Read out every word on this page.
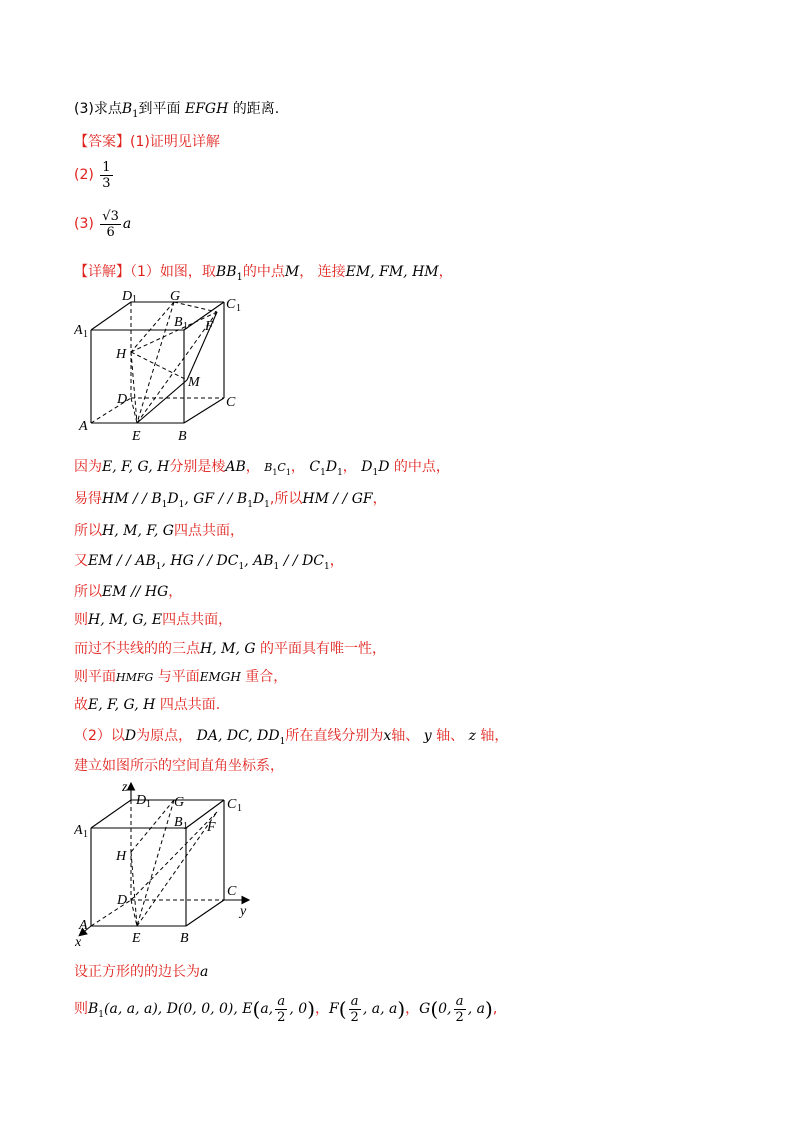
(3)求点$B_1$到平面 EFGH 的距离.
【答案】(1)证明见详解
$(2) \frac{1}{3}$
$(3) \frac{√3}{6}$ a
【详解】（1）如图，取$BB_1$的中点M， 连接EM, FM, HM，
D 1 G
C 1
A 1
B 1 F
H
M
D	C
A
E	B
因为E, F, G, H分别是棱AB， $B_1C_1$， $C_1D_1$， $D_1D$ 的中点，
易得HM / / $B_1D_1$, GF / / $B_1D_1$,所以HM / / GF，
所以H, M, F, G四点共面，
又EM / / $AB_1$, HG / / $DC_1$, $AB_1$ / / $DC_1$，
所以EM // HG，
则H, M, G, E四点共面，
而过不共线的的三点H, M, G 的平面具有唯一性，
则平面HMFG 与平面EMGH 重合，
故E, F, G, H 四点共面.
（2）以D为原点， DA, DC, $DD_1$所在直线分别为x轴、 y 轴、 z 轴，
建立如图所示的空间直角坐标系，
z
D 1 G	C 1
A 1
B 1 F
H
D
C
y
A
x	E	B
设正方形的的边长为a
则$B_1(a$, a, a), D(0, 0, 0), E(a, $\frac{a}{2}$ , 0)，$F( \frac{a}{2}$ , a, a)，G(0, $\frac{a}{2}$ , a),
